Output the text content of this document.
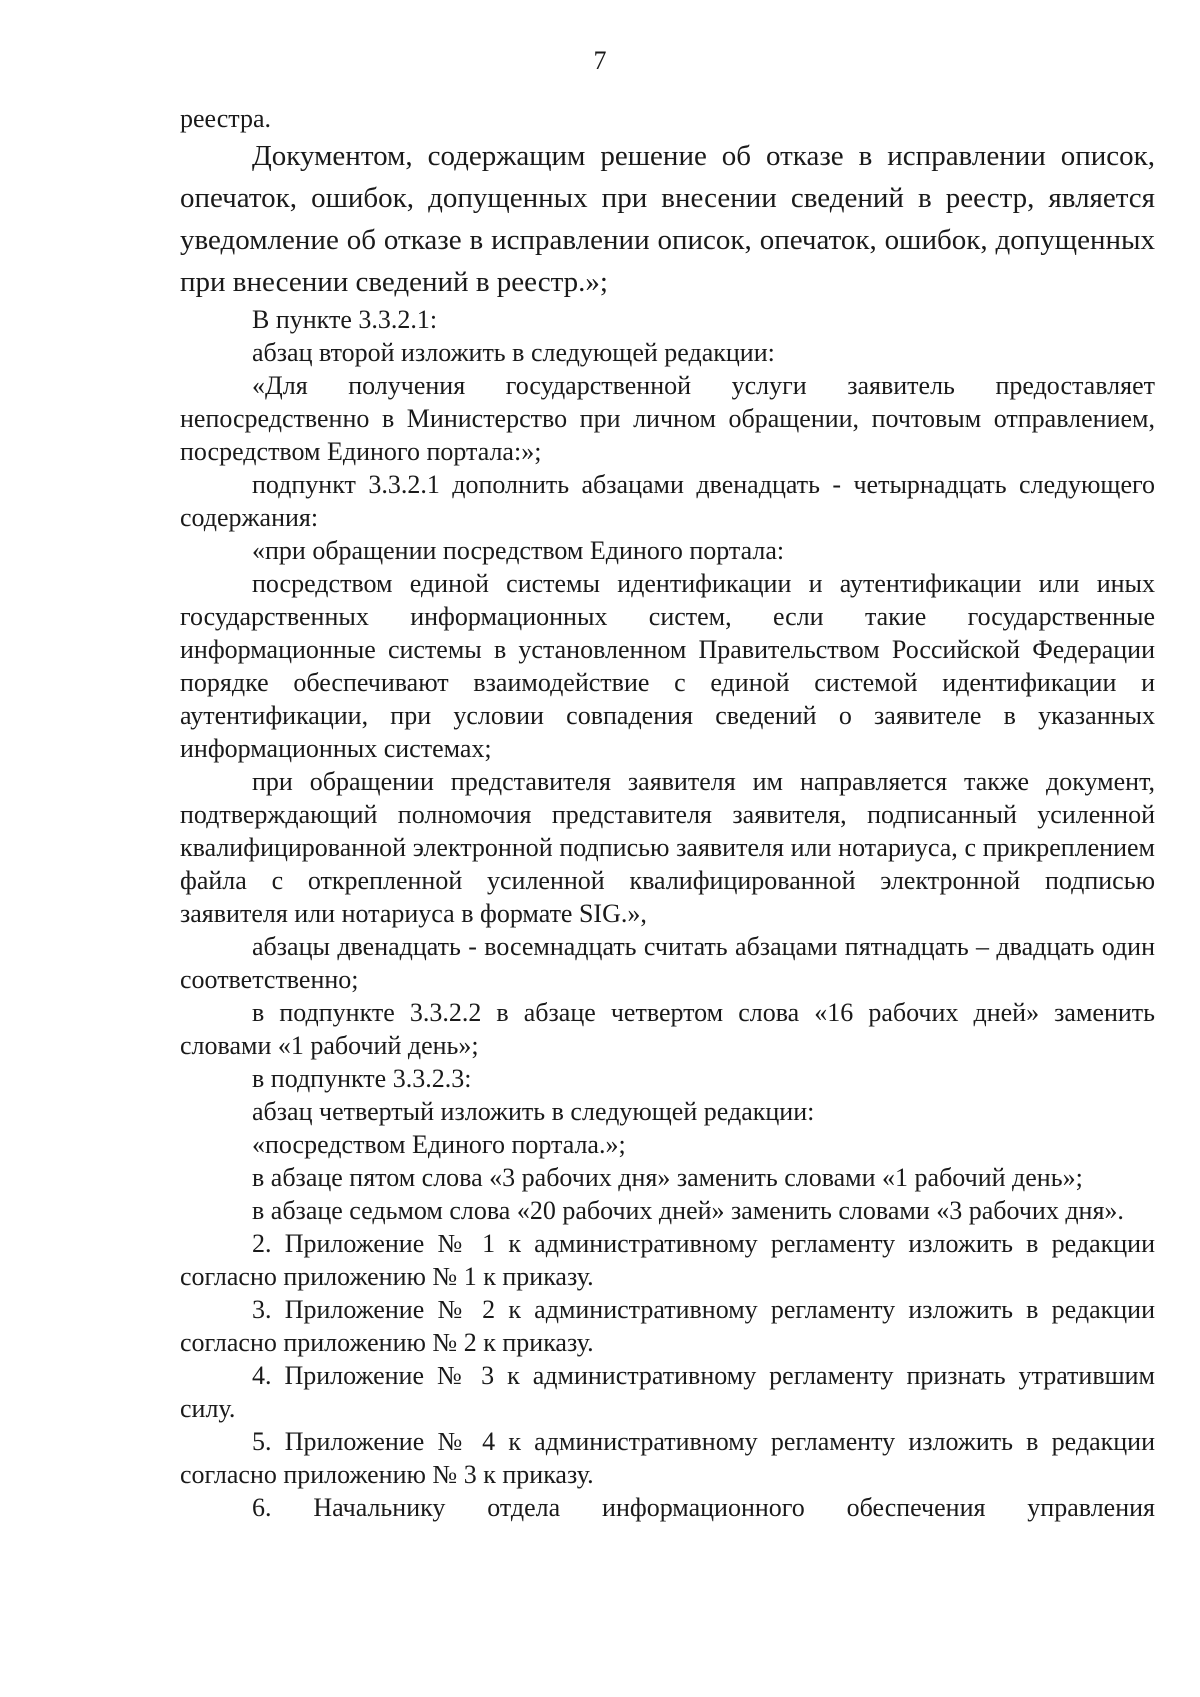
7

реестра.

Документом, содержащим решение об отказе в исправлении описок, опечаток, ошибок, допущенных при внесении сведений в реестр, является уведомление об отказе в исправлении описок, опечаток, ошибок, допущенных при внесении сведений в реестр.»;

В пункте 3.3.2.1:

абзац второй изложить в следующей редакции:

«Для получения государственной услуги заявитель предоставляет непосредственно в Министерство при личном обращении, почтовым отправлением, посредством Единого портала:»;

подпункт 3.3.2.1 дополнить абзацами двенадцать - четырнадцать следующего содержания:

«при обращении посредством Единого портала:

посредством единой системы идентификации и аутентификации или иных государственных информационных систем, если такие государственные информационные системы в установленном Правительством Российской Федерации порядке обеспечивают взаимодействие с единой системой идентификации и аутентификации, при условии совпадения сведений о заявителе в указанных информационных системах;

при обращении представителя заявителя им направляется также документ, подтверждающий полномочия представителя заявителя, подписанный усиленной квалифицированной электронной подписью заявителя или нотариуса, с прикреплением файла с открепленной усиленной квалифицированной электронной подписью заявителя или нотариуса в формате SIG.»,

абзацы двенадцать - восемнадцать считать абзацами пятнадцать – двадцать один соответственно;

в подпункте 3.3.2.2 в абзаце четвертом слова «16 рабочих дней» заменить словами «1 рабочий день»;

в подпункте 3.3.2.3:

абзац четвертый изложить в следующей редакции:

«посредством Единого портала.»;

в абзаце пятом слова «3 рабочих дня» заменить словами «1 рабочий день»;

в абзаце седьмом слова «20 рабочих дней» заменить словами «3 рабочих дня».

2. Приложение № 1 к административному регламенту изложить в редакции согласно приложению № 1 к приказу.

3. Приложение № 2 к административному регламенту изложить в редакции согласно приложению № 2 к приказу.

4. Приложение № 3 к административному регламенту признать утратившим силу.

5. Приложение № 4 к административному регламенту изложить в редакции согласно приложению № 3 к приказу.

6. Начальнику отдела информационного обеспечения управления
